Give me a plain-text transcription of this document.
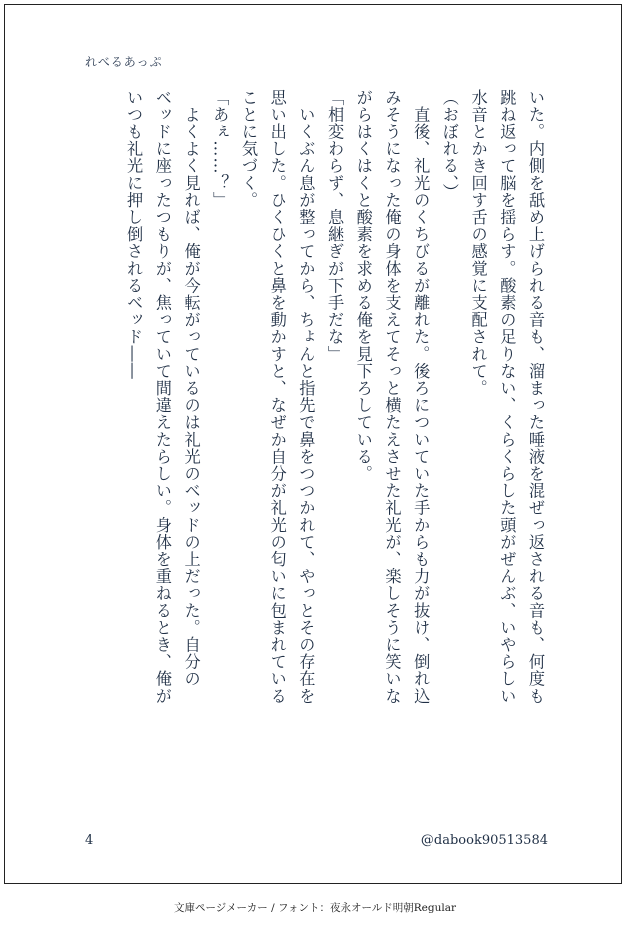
れべるあっぷ

いた。内側を舐め上げられる音も、溜まった唾液を混ぜっ返される音も、何度も

跳ね返って脳を揺らす。酸素の足りない、くらくらした頭がぜんぶ、いやらしい

水音とかき回す舌の感覚に支配されて。

（おぼれる、）

　直後、礼光のくちびるが離れた。後ろについていた手からも力が抜け、倒れ込

みそうになった俺の身体を支えてそっと横たえさせた礼光が、楽しそうに笑いな

がらはくはくと酸素を求める俺を見下ろしている。

「相変わらず、息継ぎが下手だな」

　いくぶん息が整ってから、ちょんと指先で鼻をつつかれて、やっとその存在を

思い出した。ひくひくと鼻を動かすと、なぜか自分が礼光の匂いに包まれている

ことに気づく。

「あぇ……？」

　よくよく見れば、俺が今転がっているのは礼光のベッドの上だった。自分の

ベッドに座ったつもりが、焦っていて間違えたらしい。身体を重ねるとき、俺が

いつも礼光に押し倒されるベッド――

4	@dabook90513584
文庫ページメーカー / フォント：夜永オールド明朝Regular
